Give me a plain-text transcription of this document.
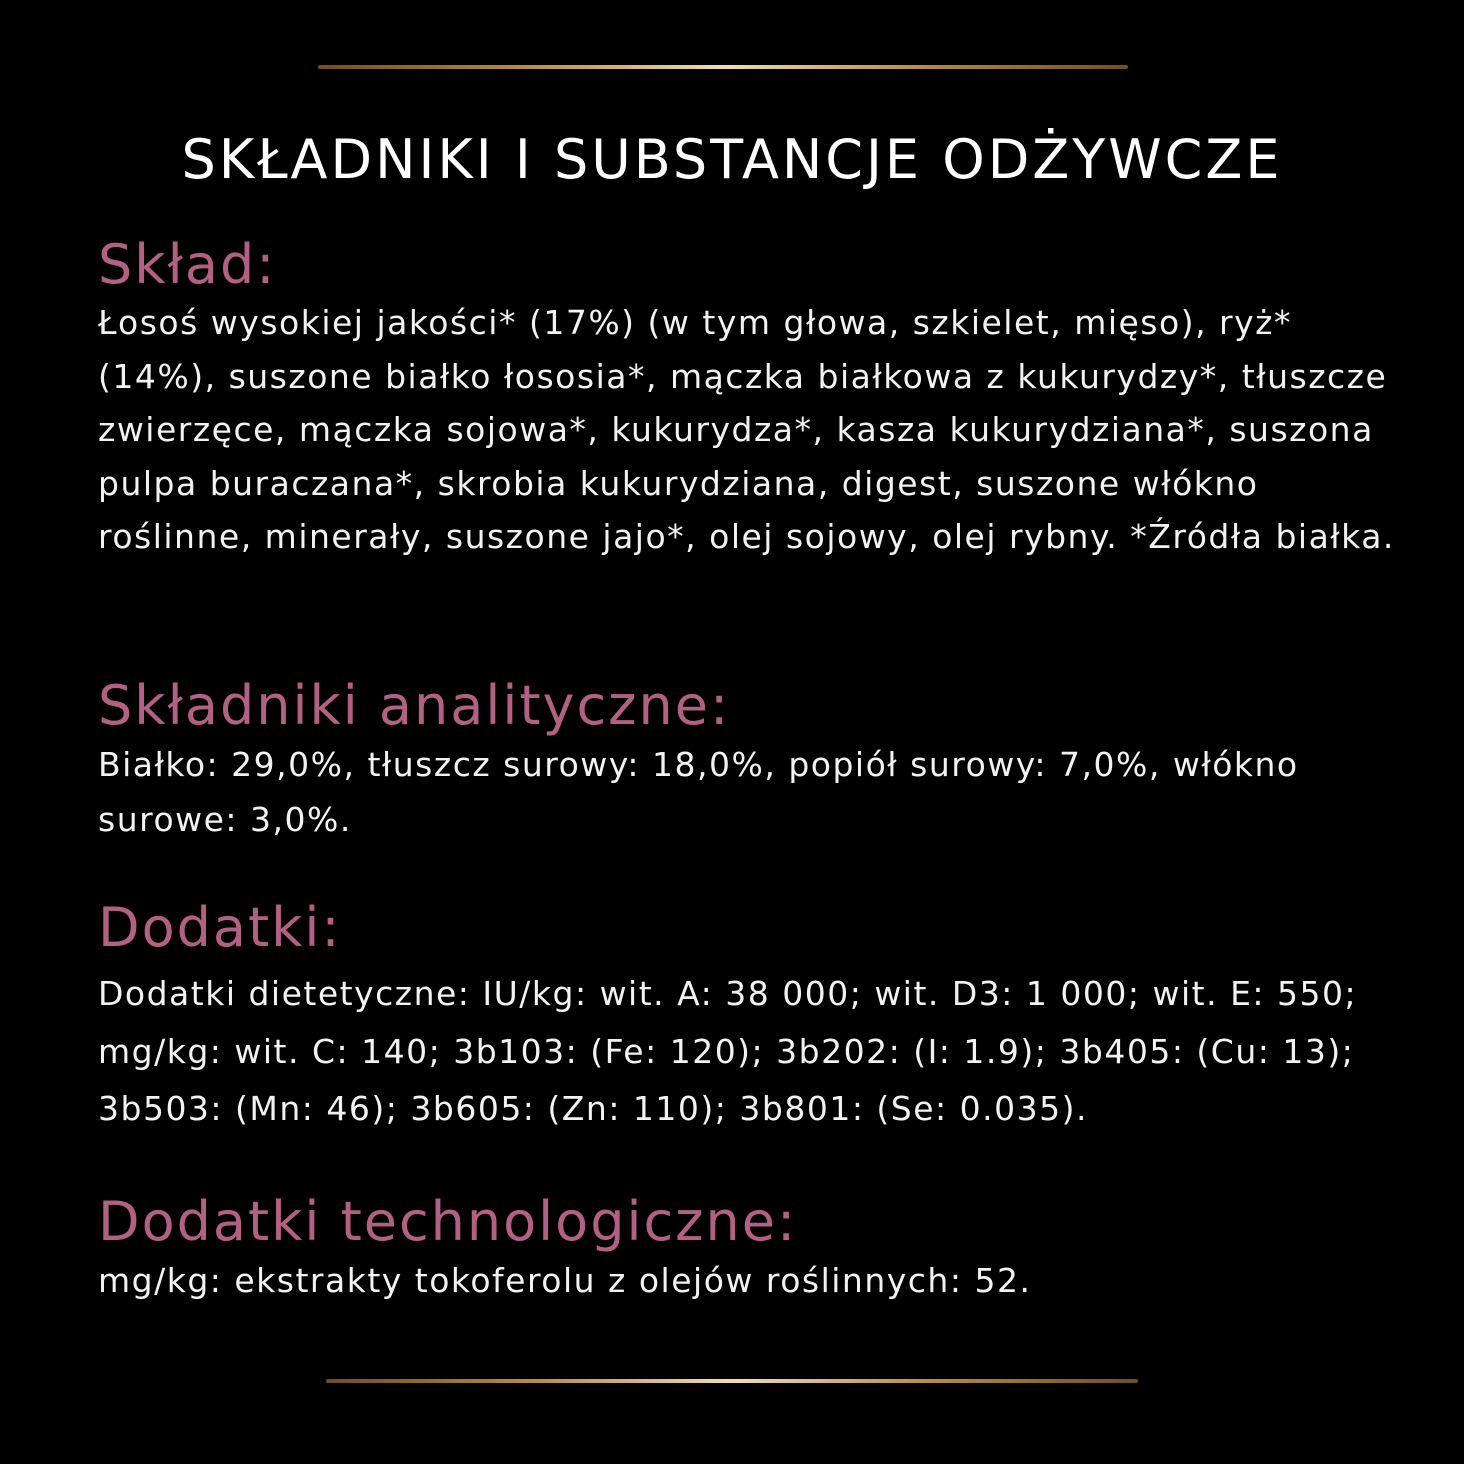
SKŁADNIKI I SUBSTANCJE ODŻYWCZE
Skład:

Łosoś wysokiej jakości* (17%) (w tym głowa, szkielet, mięso), ryż* (14%), suszone białko łososia*, mączka białkowa z kukurydzy*, tłuszcze zwierzęce, mączka sojowa*, kukurydza*, kasza kukurydziana*, suszona pulpa buraczana*, skrobia kukurydziana, digest, suszone włókno roślinne, minerały, suszone jajo*, olej sojowy, olej rybny. *Źródła białka.

Składniki analityczne:

Białko: 29,0%, tłuszcz surowy: 18,0%, popiół surowy: 7,0%, włókno surowe: 3,0%.

Dodatki:

Dodatki dietetyczne: IU/kg: wit. A: 38 000; wit. D3: 1 000; wit. E: 550; mg/kg: wit. C: 140; 3b103: (Fe: 120); 3b202: (I: 1.9); 3b405: (Cu: 13); 3b503: (Mn: 46); 3b605: (Zn: 110); 3b801: (Se: 0.035).

Dodatki technologiczne:

mg/kg: ekstrakty tokoferolu z olejów roślinnych: 52.
